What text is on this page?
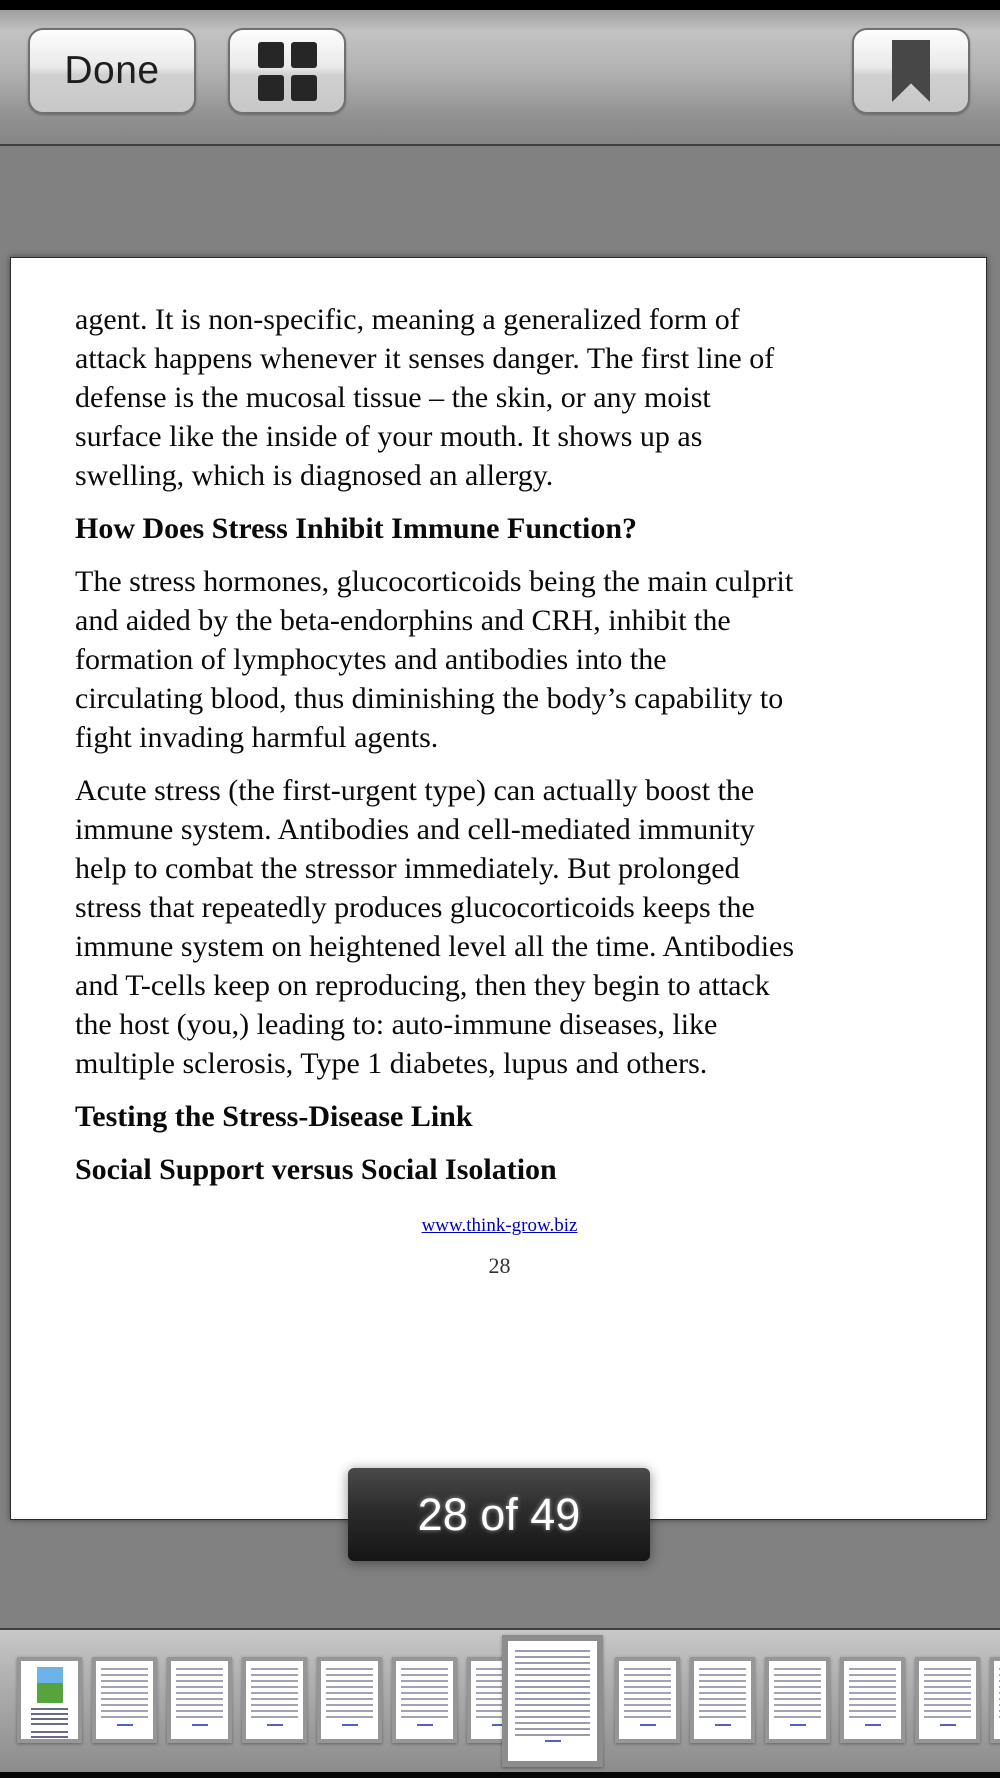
Done
agent. It is non-specific, meaning a generalized form of
attack happens whenever it senses danger. The first line of
defense is the mucosal tissue – the skin, or any moist
surface like the inside of your mouth. It shows up as
swelling, which is diagnosed an allergy.
How Does Stress Inhibit Immune Function?
The stress hormones, glucocorticoids being the main culprit
and aided by the beta-endorphins and CRH, inhibit the
formation of lymphocytes and antibodies into the
circulating blood, thus diminishing the body’s capability to
fight invading harmful agents.
Acute stress (the first-urgent type) can actually boost the
immune system. Antibodies and cell-mediated immunity
help to combat the stressor immediately. But prolonged
stress that repeatedly produces glucocorticoids keeps the
immune system on heightened level all the time. Antibodies
and T-cells keep on reproducing, then they begin to attack
the host (you,) leading to: auto-immune diseases, like
multiple sclerosis, Type 1 diabetes, lupus and others.
Testing the Stress-Disease Link
Social Support versus Social Isolation
www.think-grow.biz
28
28 of 49
